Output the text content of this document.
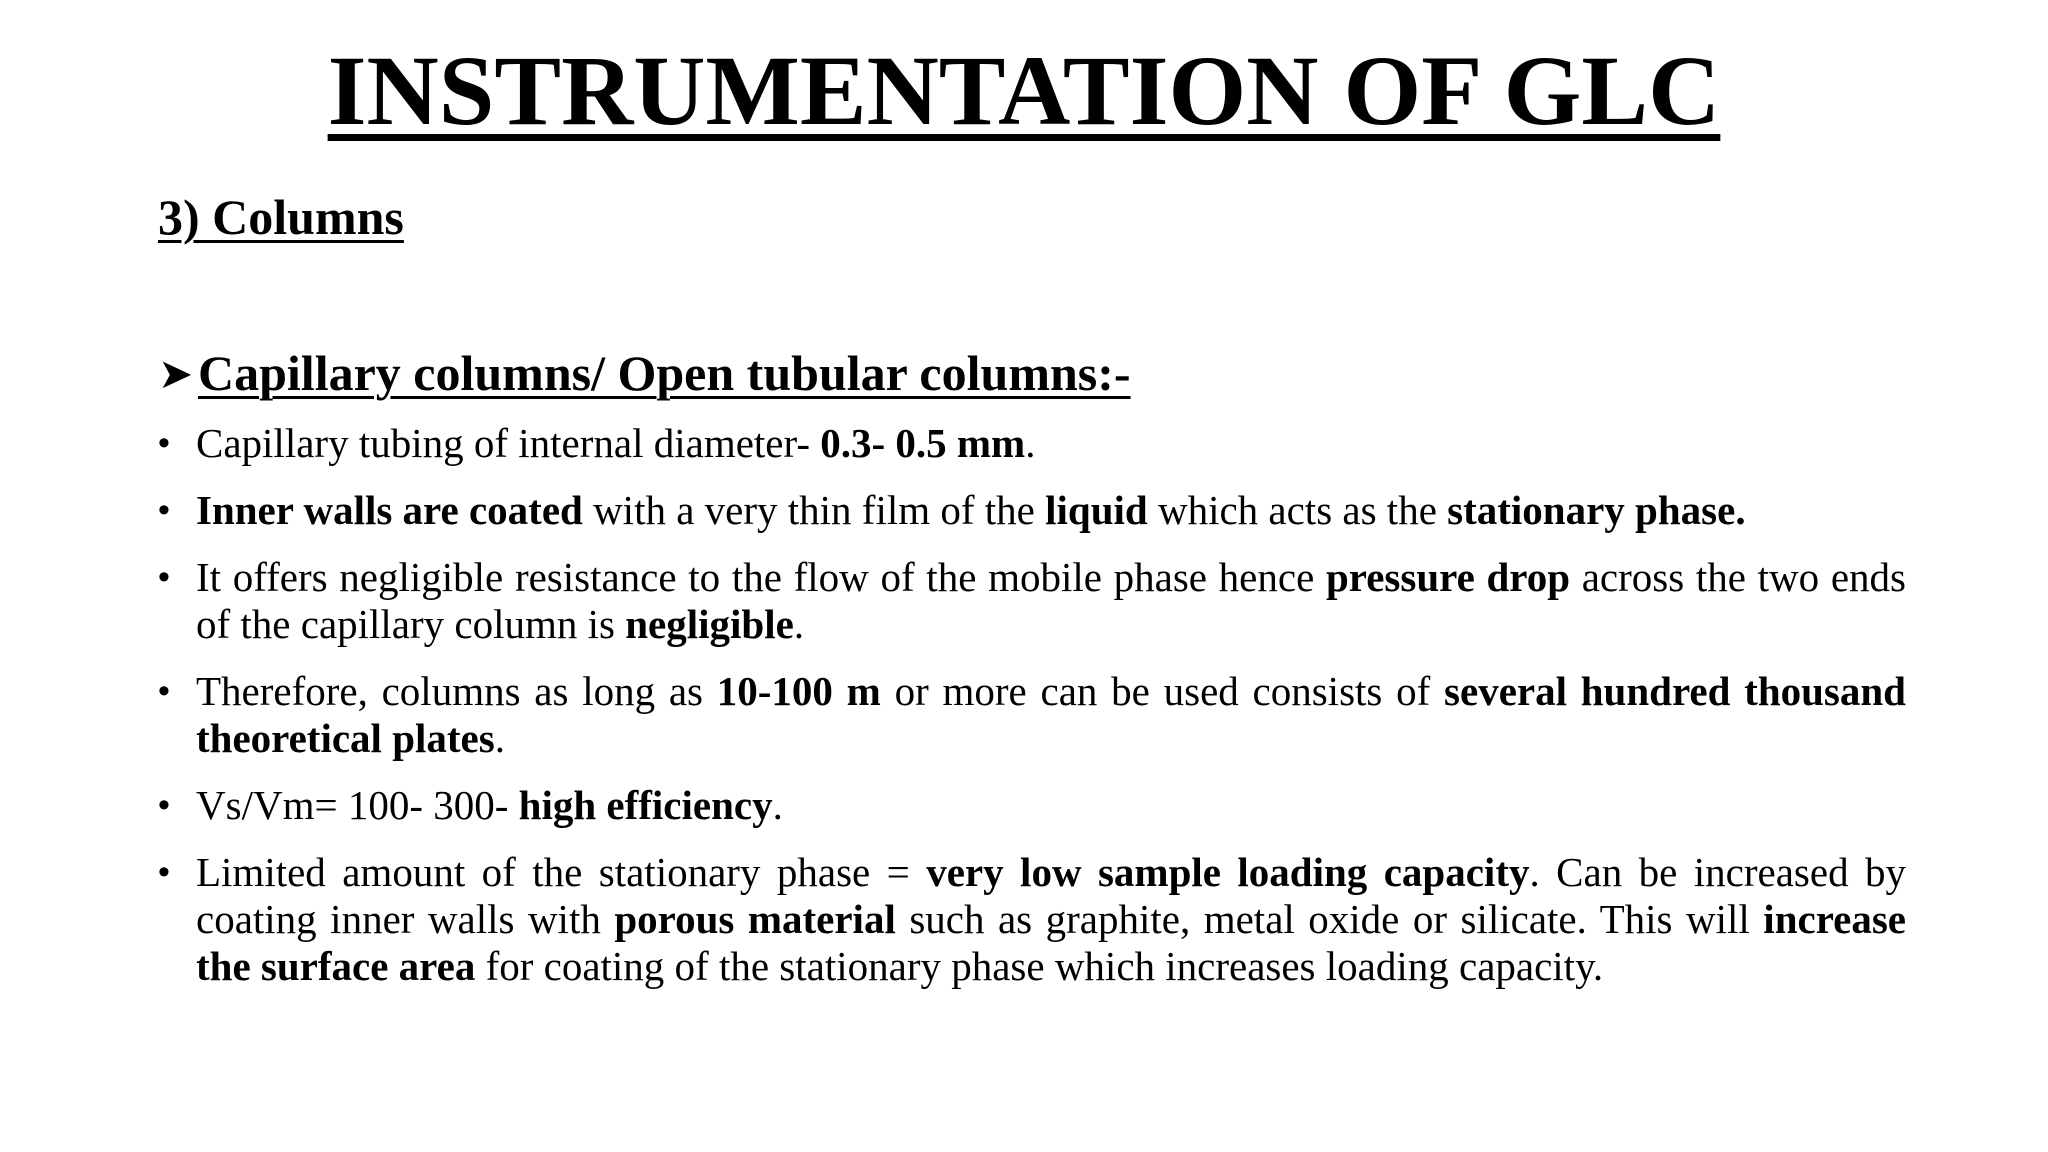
INSTRUMENTATION OF GLC
3) Columns
➤Capillary columns/ Open tubular columns:-
• Capillary tubing of internal diameter- 0.3- 0.5 mm.
• Inner walls are coated with a very thin film of the liquid which acts as the stationary phase.
• It offers negligible resistance to the flow of the mobile phase hence pressure drop across the two ends of the capillary column is negligible.
• Therefore, columns as long as 10-100 m or more can be used consists of several hundred thousand theoretical plates.
• Vs/Vm= 100- 300- high efficiency.
• Limited amount of the stationary phase = very low sample loading capacity. Can be increased by coating inner walls with porous material such as graphite, metal oxide or silicate. This will increase the surface area for coating of the stationary phase which increases loading capacity.
